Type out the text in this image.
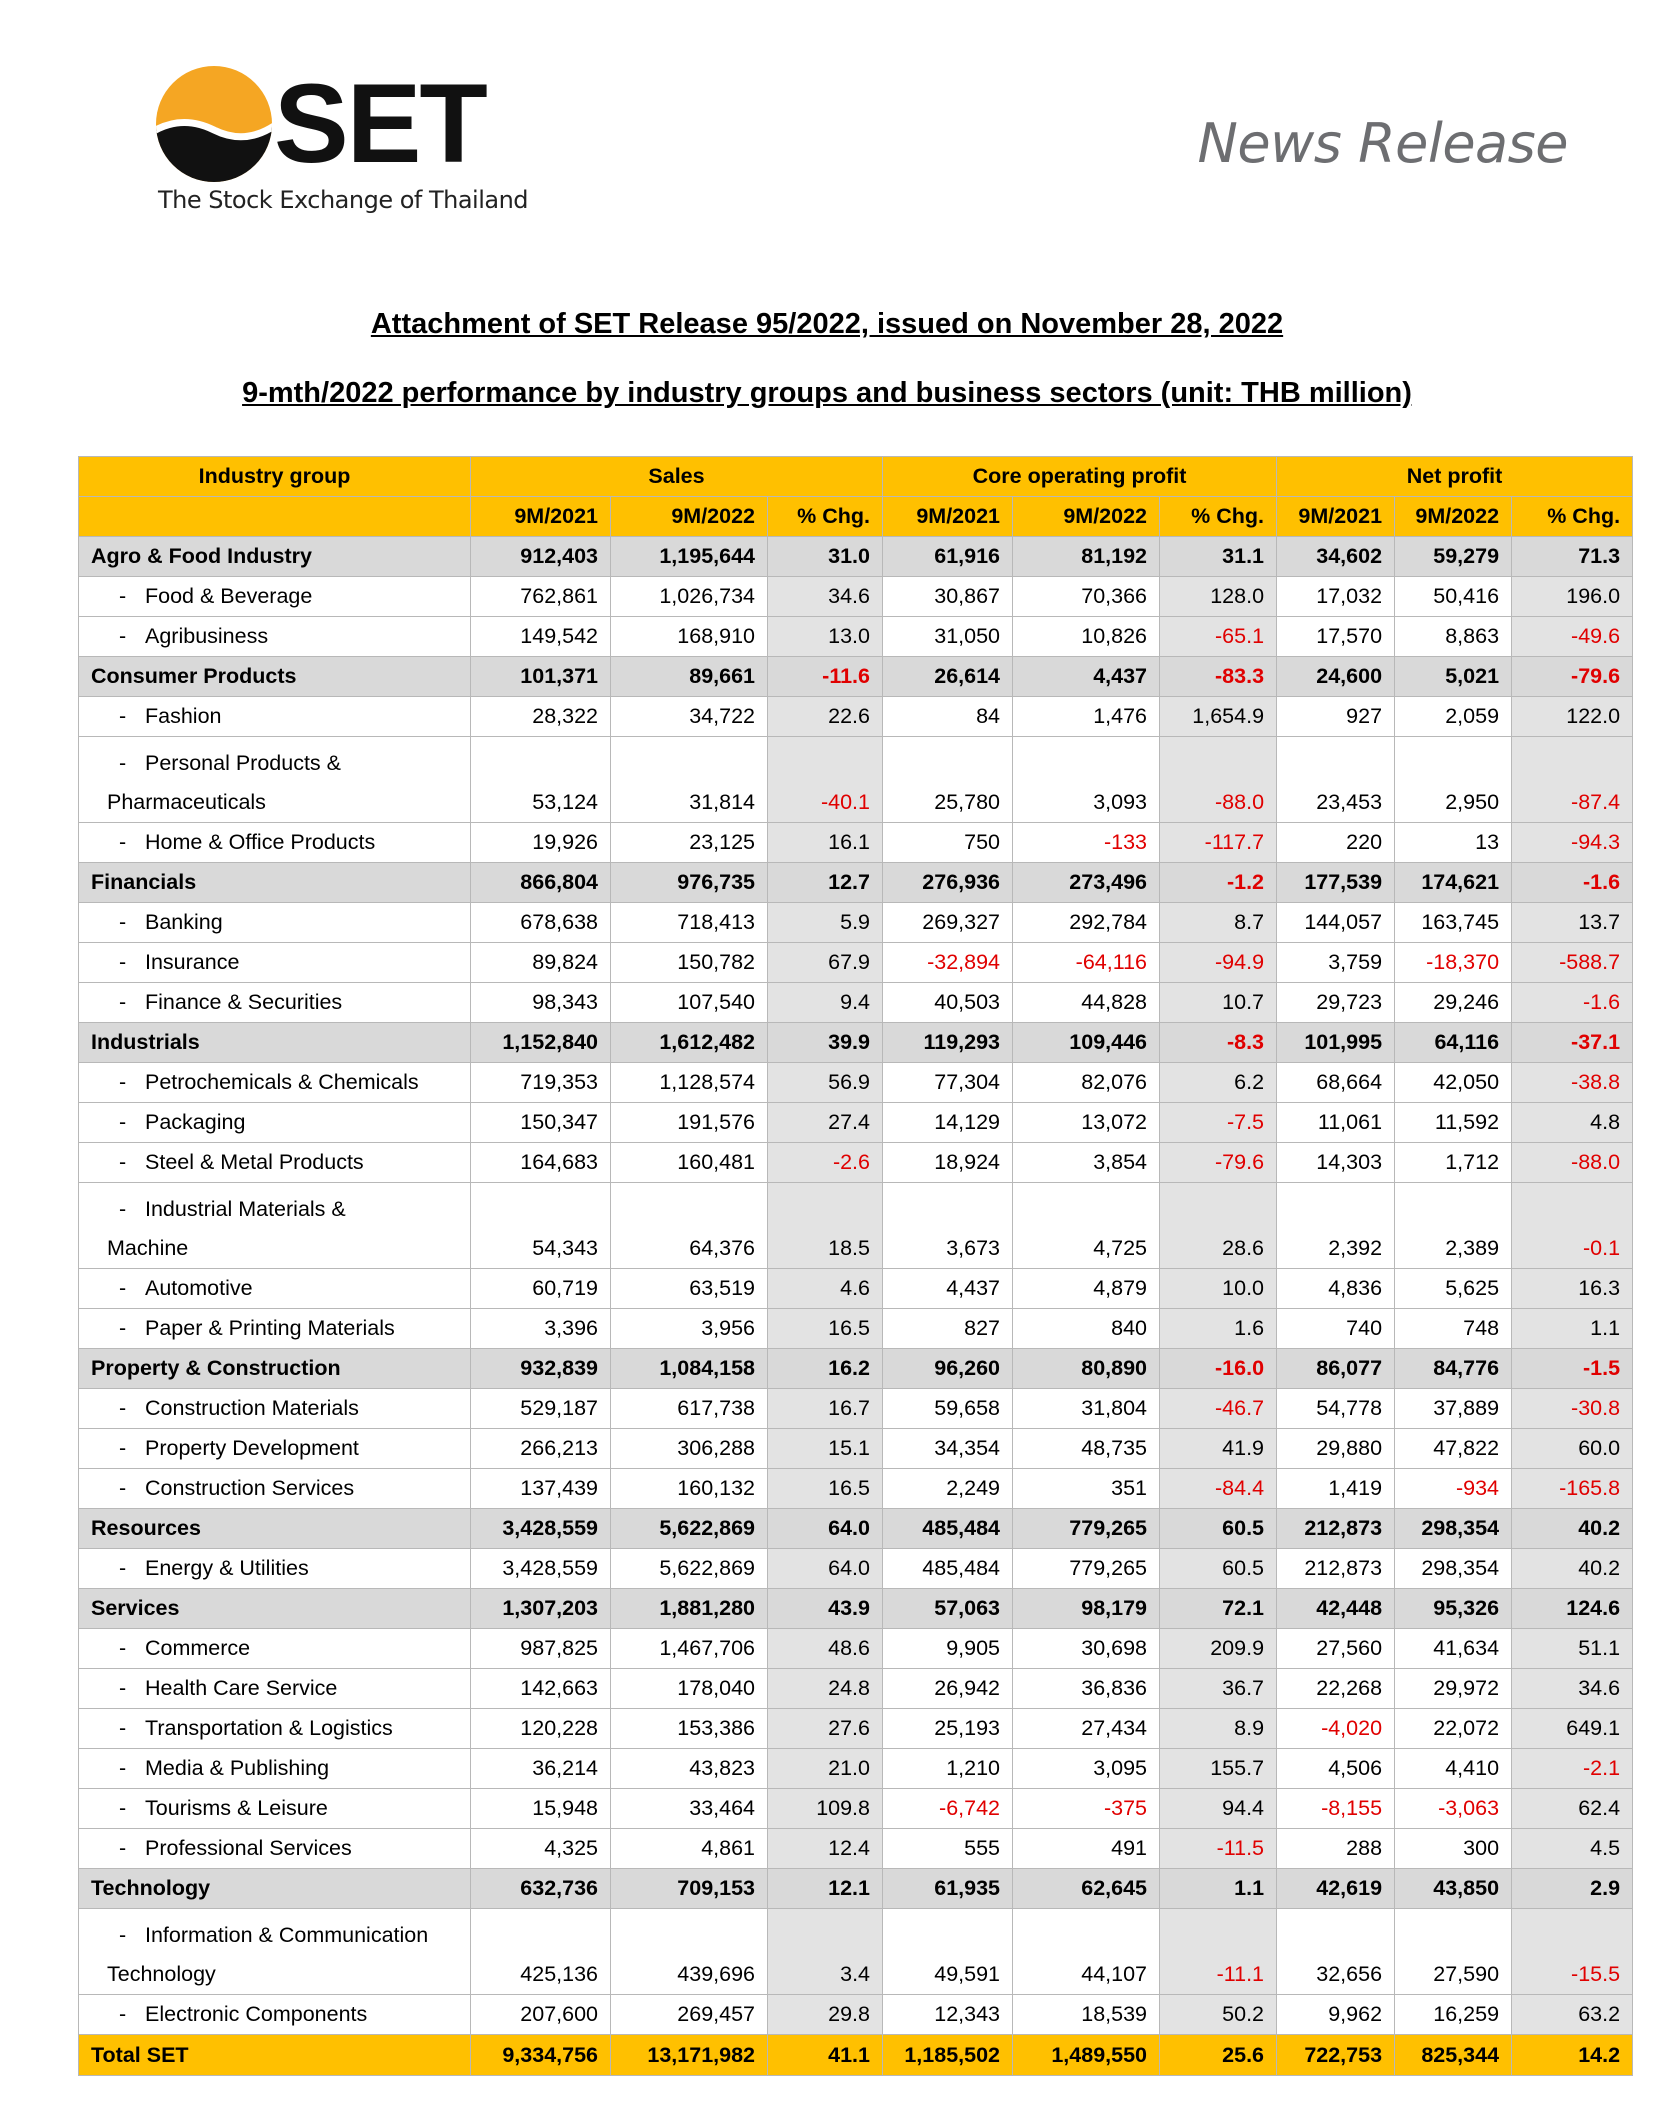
SET
The Stock Exchange of Thailand
News Release
Attachment of SET Release 95/2022, issued on November 28, 2022
9-mth/2022 performance by industry groups and business sectors (unit: THB million)
Industry group	Sales			Core operating profit			Net profit		
	9M/2021	9M/2022	% Chg.	9M/2021	9M/2022	% Chg.	9M/2021	9M/2022	% Chg.
Agro & Food Industry	912,403	1,195,644	31.0	61,916	81,192	31.1	34,602	59,279	71.3
- Food & Beverage	762,861	1,026,734	34.6	30,867	70,366	128.0	17,032	50,416	196.0
- Agribusiness	149,542	168,910	13.0	31,050	10,826	-65.1	17,570	8,863	-49.6
Consumer Products	101,371	89,661	-11.6	26,614	4,437	-83.3	24,600	5,021	-79.6
- Fashion	28,322	34,722	22.6	84	1,476	1,654.9	927	2,059	122.0

- Personal Products &
Pharmaceuticals	53,124	31,814	-40.1	25,780	3,093	-88.0	23,453	2,950	-87.4
- Home & Office Products	19,926	23,125	16.1	750	-133	-117.7	220	13	-94.3
Financials	866,804	976,735	12.7	276,936	273,496	-1.2	177,539	174,621	-1.6
- Banking	678,638	718,413	5.9	269,327	292,784	8.7	144,057	163,745	13.7
- Insurance	89,824	150,782	67.9	-32,894	-64,116	-94.9	3,759	-18,370	-588.7
- Finance & Securities	98,343	107,540	9.4	40,503	44,828	10.7	29,723	29,246	-1.6
Industrials	1,152,840	1,612,482	39.9	119,293	109,446	-8.3	101,995	64,116	-37.1
- Petrochemicals & Chemicals	719,353	1,128,574	56.9	77,304	82,076	6.2	68,664	42,050	-38.8
- Packaging	150,347	191,576	27.4	14,129	13,072	-7.5	11,061	11,592	4.8
- Steel & Metal Products	164,683	160,481	-2.6	18,924	3,854	-79.6	14,303	1,712	-88.0

- Industrial Materials &
Machine	54,343	64,376	18.5	3,673	4,725	28.6	2,392	2,389	-0.1
- Automotive	60,719	63,519	4.6	4,437	4,879	10.0	4,836	5,625	16.3
- Paper & Printing Materials	3,396	3,956	16.5	827	840	1.6	740	748	1.1
Property & Construction	932,839	1,084,158	16.2	96,260	80,890	-16.0	86,077	84,776	-1.5
- Construction Materials	529,187	617,738	16.7	59,658	31,804	-46.7	54,778	37,889	-30.8
- Property Development	266,213	306,288	15.1	34,354	48,735	41.9	29,880	47,822	60.0
- Construction Services	137,439	160,132	16.5	2,249	351	-84.4	1,419	-934	-165.8
Resources	3,428,559	5,622,869	64.0	485,484	779,265	60.5	212,873	298,354	40.2
- Energy & Utilities	3,428,559	5,622,869	64.0	485,484	779,265	60.5	212,873	298,354	40.2
Services	1,307,203	1,881,280	43.9	57,063	98,179	72.1	42,448	95,326	124.6
- Commerce	987,825	1,467,706	48.6	9,905	30,698	209.9	27,560	41,634	51.1
- Health Care Service	142,663	178,040	24.8	26,942	36,836	36.7	22,268	29,972	34.6
- Transportation & Logistics	120,228	153,386	27.6	25,193	27,434	8.9	-4,020	22,072	649.1
- Media & Publishing	36,214	43,823	21.0	1,210	3,095	155.7	4,506	4,410	-2.1
- Tourisms & Leisure	15,948	33,464	109.8	-6,742	-375	94.4	-8,155	-3,063	62.4
- Professional Services	4,325	4,861	12.4	555	491	-11.5	288	300	4.5
Technology	632,736	709,153	12.1	61,935	62,645	1.1	42,619	43,850	2.9

- Information & Communication
Technology	425,136	439,696	3.4	49,591	44,107	-11.1	32,656	27,590	-15.5
- Electronic Components	207,600	269,457	29.8	12,343	18,539	50.2	9,962	16,259	63.2
Total SET	9,334,756	13,171,982	41.1	1,185,502	1,489,550	25.6	722,753	825,344	14.2
